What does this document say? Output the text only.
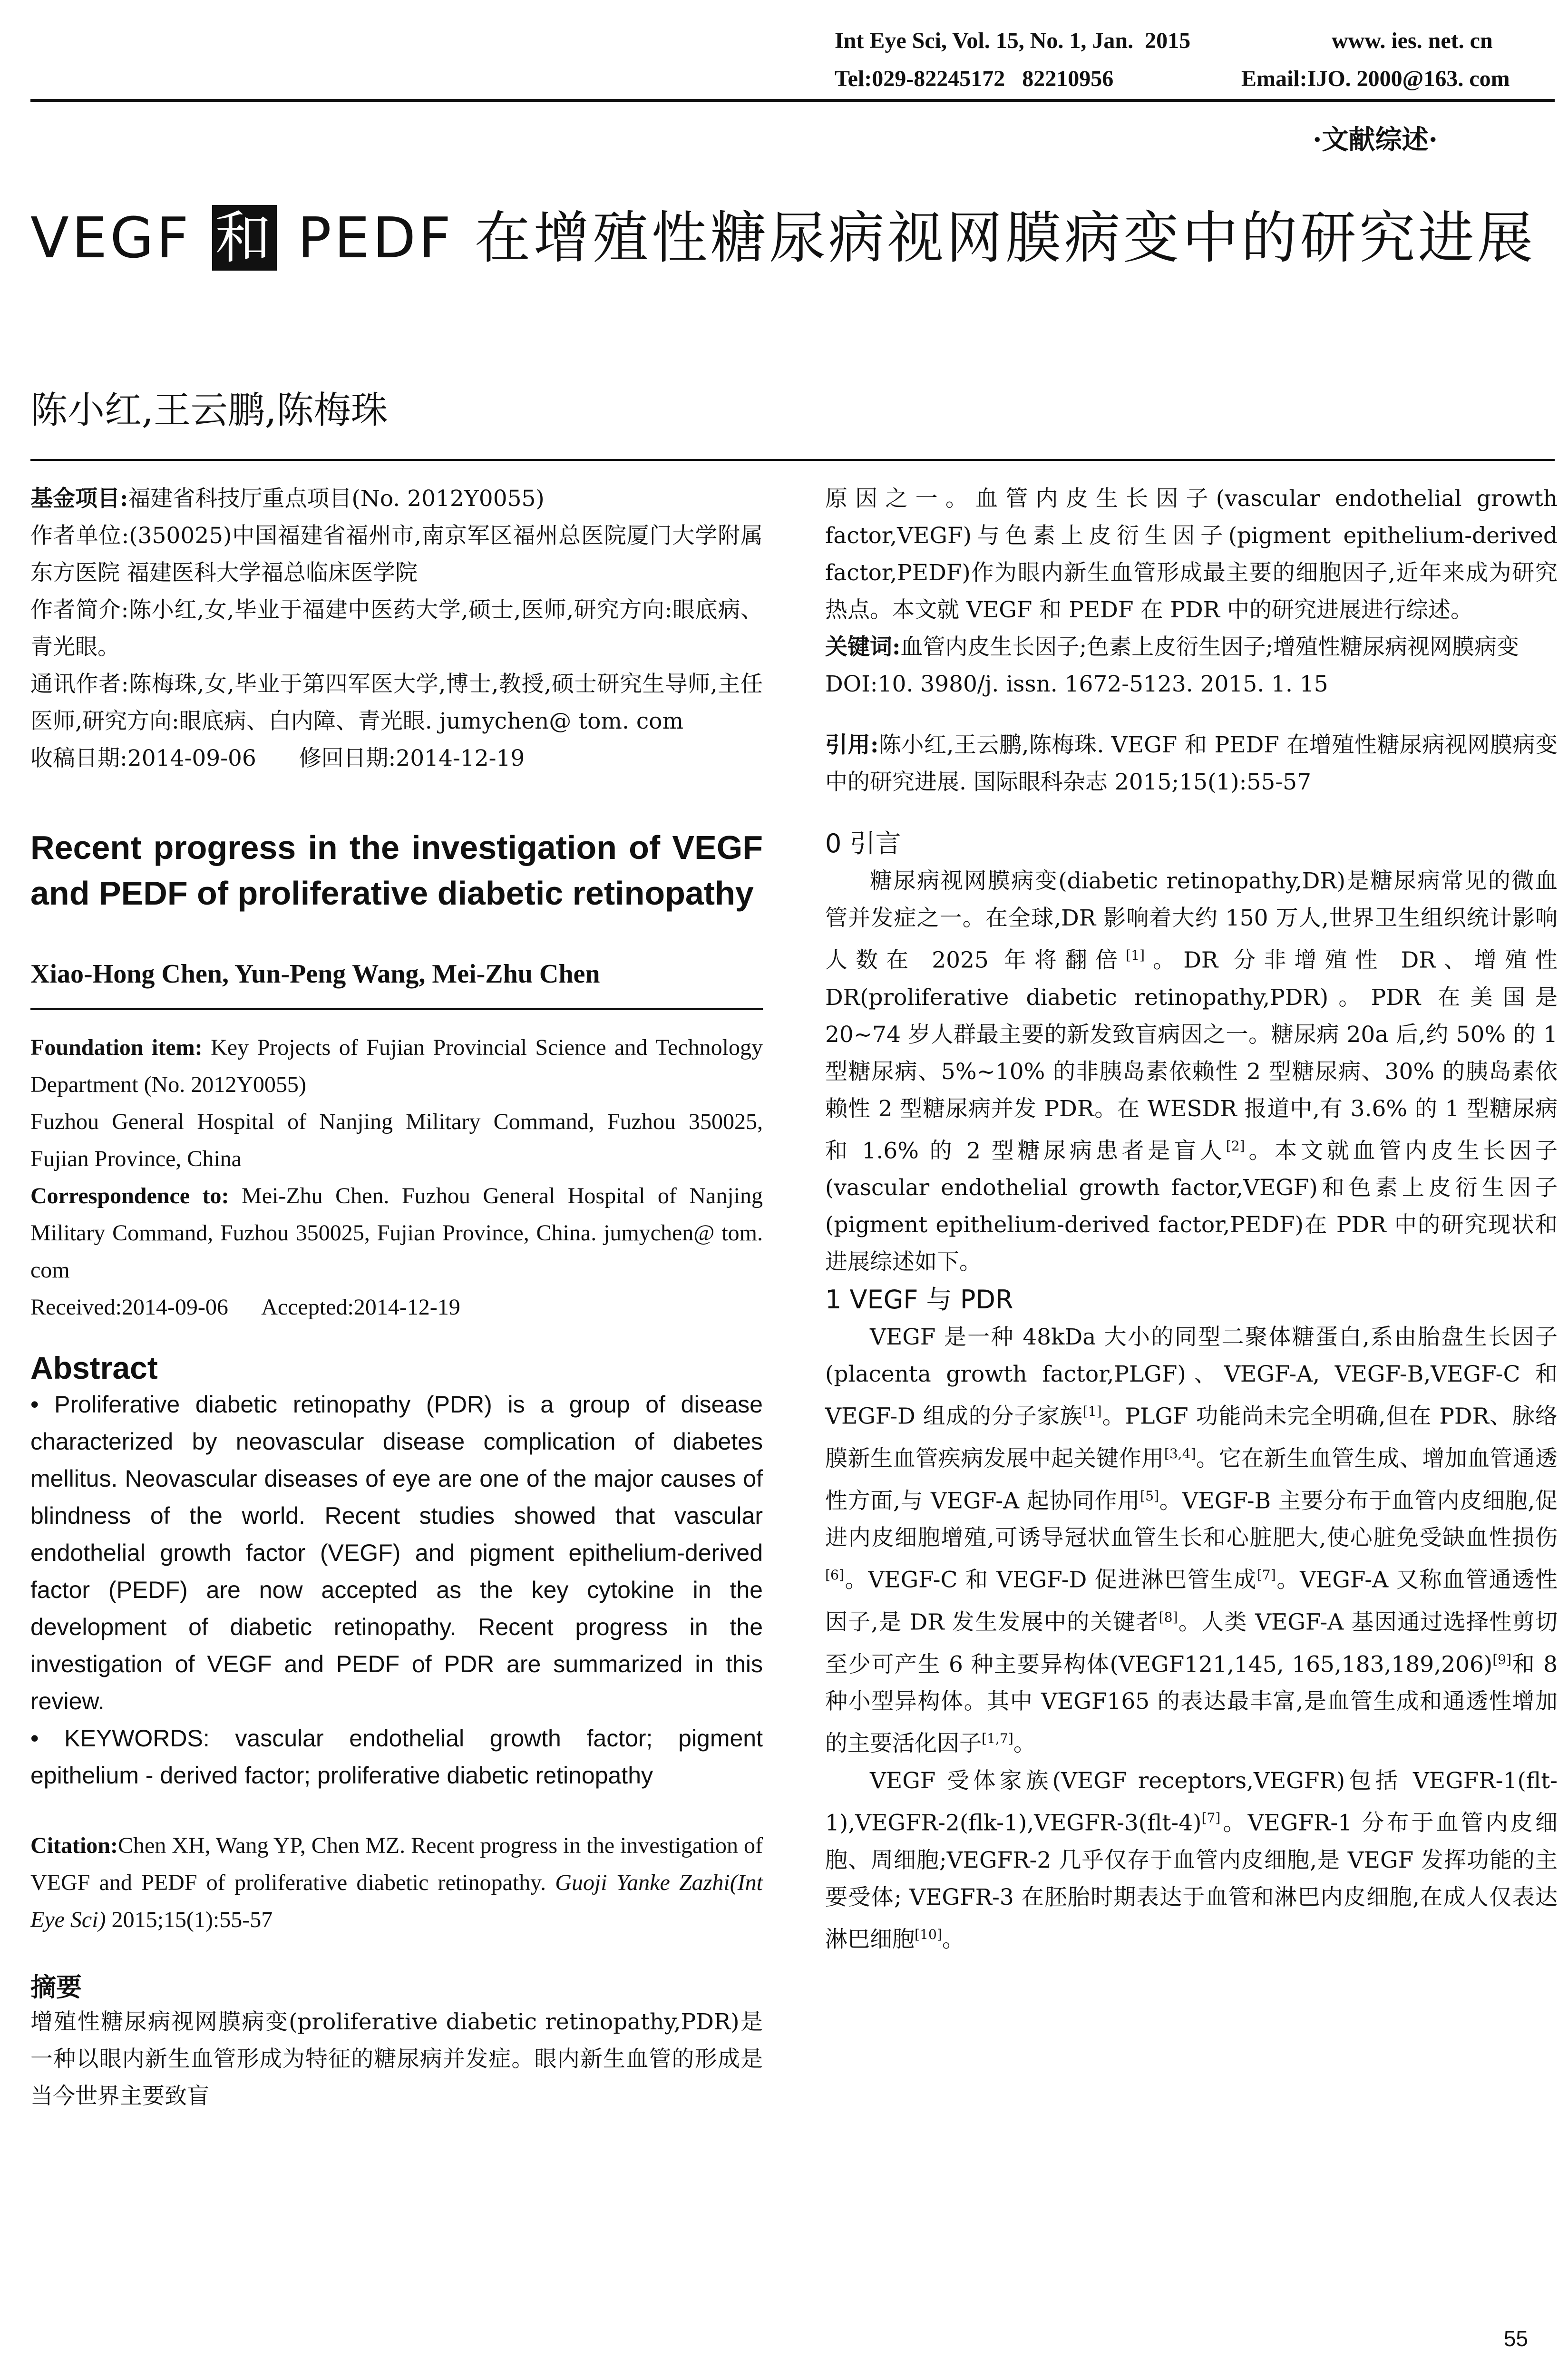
Int Eye Sci, Vol. 15, No. 1, Jan.  2015	www. ies. net. cn
Tel:029-82245172   82210956	Email:IJO. 2000@163. com
·文献综述·
VEGF 和 PEDF 在增殖性糖尿病视网膜病变中的研究进展
陈小红,王云鹏,陈梅珠

基金项目:福建省科技厅重点项目(No. 2012Y0055)

作者单位:(350025)中国福建省福州市,南京军区福州总医院厦门大学附属东方医院 福建医科大学福总临床医学院

作者简介:陈小红,女,毕业于福建中医药大学,硕士,医师,研究方向:眼底病、青光眼。

通讯作者:陈梅珠,女,毕业于第四军医大学,博士,教授,硕士研究生导师,主任医师,研究方向:眼底病、白内障、青光眼. jumychen@ tom. com

收稿日期:2014-09-06      修回日期:2014-12-19

Recent progress in the investigation of VEGF and PEDF of proliferative diabetic retinopathy

Xiao-Hong Chen, Yun-Peng Wang, Mei-Zhu Chen

Foundation item: Key Projects of Fujian Provincial Science and Technology Department (No. 2012Y0055)

Fuzhou General Hospital of Nanjing Military Command, Fuzhou 350025, Fujian Province, China

Correspondence to: Mei-Zhu Chen. Fuzhou General Hospital of Nanjing Military Command, Fuzhou 350025, Fujian Province, China. jumychen@ tom. com

Received:2014-09-06      Accepted:2014-12-19

Abstract

• Proliferative diabetic retinopathy (PDR) is a group of disease characterized by neovascular disease complication of diabetes mellitus. Neovascular diseases of eye are one of the major causes of blindness of the world. Recent studies showed that vascular endothelial growth factor (VEGF) and pigment epithelium-derived factor (PEDF) are now accepted as the key cytokine in the development of diabetic retinopathy. Recent progress in the investigation of VEGF and PEDF of PDR are summarized in this review.

• KEYWORDS: vascular endothelial growth factor; pigment epithelium - derived factor; proliferative diabetic retinopathy

Citation:Chen XH, Wang YP, Chen MZ. Recent progress in the investigation of VEGF and PEDF of proliferative diabetic retinopathy. Guoji Yanke Zazhi(Int Eye Sci) 2015;15(1):55-57

摘要

增殖性糖尿病视网膜病变(proliferative diabetic retinopathy,PDR)是一种以眼内新生血管形成为特征的糖尿病并发症。眼内新生血管的形成是当今世界主要致盲

原因之一。血管内皮生长因子(vascular endothelial growth factor,VEGF)与色素上皮衍生因子(pigment epithelium-derived factor,PEDF)作为眼内新生血管形成最主要的细胞因子,近年来成为研究热点。本文就 VEGF 和 PEDF 在 PDR 中的研究进展进行综述。

关键词:血管内皮生长因子;色素上皮衍生因子;增殖性糖尿病视网膜病变

DOI:10. 3980/j. issn. 1672-5123. 2015. 1. 15

引用:陈小红,王云鹏,陈梅珠. VEGF 和 PEDF 在增殖性糖尿病视网膜病变中的研究进展. 国际眼科杂志 2015;15(1):55-57

0 引言

糖尿病视网膜病变(diabetic retinopathy,DR)是糖尿病常见的微血管并发症之一。在全球,DR 影响着大约 150 万人,世界卫生组织统计影响人数在 2025 年将翻倍[1]。DR 分非增殖性 DR、增殖性 DR(proliferative diabetic retinopathy,PDR)。PDR 在美国是 20~74 岁人群最主要的新发致盲病因之一。糖尿病 20a 后,约 50% 的 1 型糖尿病、5%~10% 的非胰岛素依赖性 2 型糖尿病、30% 的胰岛素依赖性 2 型糖尿病并发 PDR。在 WESDR 报道中,有 3.6% 的 1 型糖尿病和 1.6% 的 2 型糖尿病患者是盲人[2]。本文就血管内皮生长因子(vascular endothelial growth factor,VEGF)和色素上皮衍生因子(pigment epithelium-derived factor,PEDF)在 PDR 中的研究现状和进展综述如下。

1 VEGF 与 PDR

VEGF 是一种 48kDa 大小的同型二聚体糖蛋白,系由胎盘生长因子(placenta growth factor,PLGF)、VEGF-A, VEGF-B,VEGF-C 和 VEGF-D 组成的分子家族[1]。PLGF 功能尚未完全明确,但在 PDR、脉络膜新生血管疾病发展中起关键作用[3,4]。它在新生血管生成、增加血管通透性方面,与 VEGF-A 起协同作用[5]。VEGF-B 主要分布于血管内皮细胞,促进内皮细胞增殖,可诱导冠状血管生长和心脏肥大,使心脏免受缺血性损伤[6]。VEGF-C 和 VEGF-D 促进淋巴管生成[7]。VEGF-A 又称血管通透性因子,是 DR 发生发展中的关键者[8]。人类 VEGF-A 基因通过选择性剪切至少可产生 6 种主要异构体(VEGF121,145, 165,183,189,206)[9]和 8 种小型异构体。其中 VEGF165 的表达最丰富,是血管生成和通透性增加的主要活化因子[1,7]。

VEGF 受体家族(VEGF receptors,VEGFR)包括 VEGFR-1(flt-1),VEGFR-2(flk-1),VEGFR-3(flt-4)[7]。VEGFR-1 分布于血管内皮细胞、周细胞;VEGFR-2 几乎仅存于血管内皮细胞,是 VEGF 发挥功能的主要受体; VEGFR-3 在胚胎时期表达于血管和淋巴内皮细胞,在成人仅表达淋巴细胞[10]。

55
